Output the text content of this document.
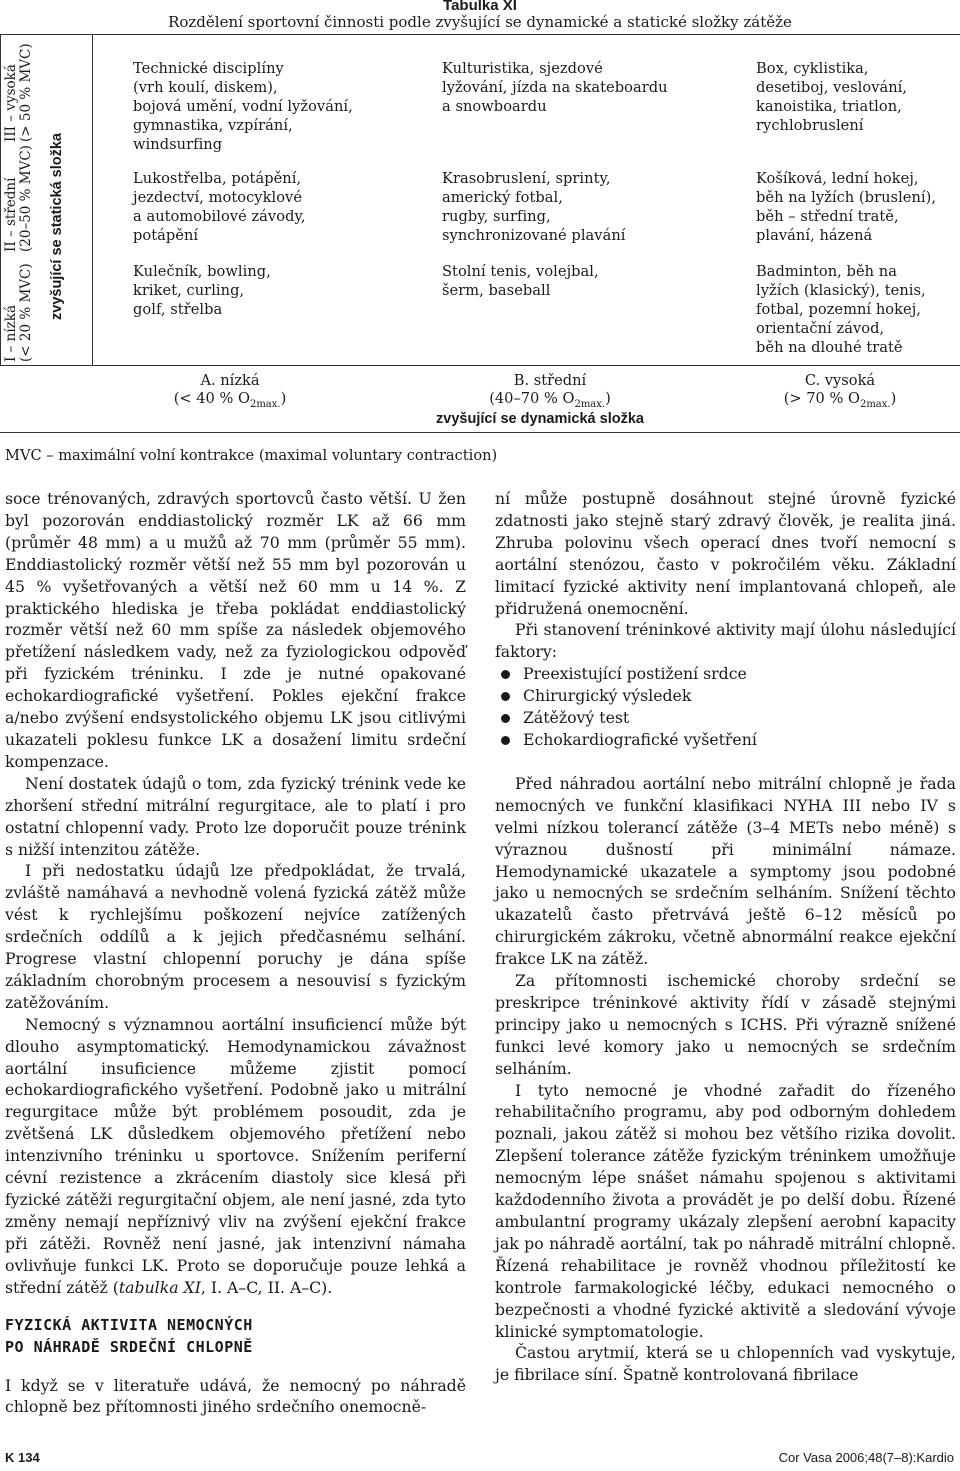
Tabulka XI
Rozdělení sportovní činnosti podle zvyšující se dynamické a statické složky zátěže
I – nízká (< 20 % MVC)
II – střední (20–50 % MVC)
III – vysoká (> 50 % MVC)
zvyšující se statická složka
Technické disciplíny
(vrh koulí, diskem),
bojová umění, vodní lyžování,
gymnastika, vzpírání,
windsurfing
Kulturistika, sjezdové
lyžování, jízda na skateboardu
a snowboardu
Box, cyklistika,
desetiboj, veslování,
kanoistika, triatlon,
rychlobruslení
Lukostřelba, potápění,
jezdectví, motocyklové
a automobilové závody,
potápění
Krasobruslení, sprinty,
americký fotbal,
rugby, surfing,
synchronizované plavání
Košíková, lední hokej,
běh na lyžích (bruslení),
běh – střední tratě,
plavání, házená
Kulečník, bowling,
kriket, curling,
golf, střelba
Stolní tenis, volejbal,
šerm, baseball
Badminton, běh na
lyžích (klasický), tenis,
fotbal, pozemní hokej,
orientační závod,
běh na dlouhé tratě
A. nízká
(< 40 % $O_{2max.}$)
B. střední
(40–70 % $O_{2max.}$)
C. vysoká
(> 70 % $O_{2max.}$)
zvyšující se dynamická složka
MVC – maximální volní kontrakce (maximal voluntary contraction)

soce trénovaných, zdravých sportovců často větší. U žen byl pozorován enddiastolický rozměr LK až 66 mm (průměr 48 mm) a u mužů až 70 mm (průměr 55 mm). Enddiastolický rozměr větší než 55 mm byl pozorován u 45 % vyšetřovaných a větší než 60 mm u 14 %. Z praktického hlediska je třeba pokládat enddiastolický rozměr větší než 60 mm spíše za následek objemového přetížení následkem vady, než za fyziologickou odpověď při fyzickém tréninku. I zde je nutné opakované echokardiografické vyšetření. Pokles ejekční frakce a/nebo zvýšení endsystolického objemu LK jsou citlivými ukazateli poklesu funkce LK a dosažení limitu srdeční kompenzace.

Není dostatek údajů o tom, zda fyzický trénink vede ke zhoršení střední mitrální regurgitace, ale to platí i pro ostatní chlopenní vady. Proto lze doporučit pouze trénink s nižší intenzitou zátěže.

I při nedostatku údajů lze předpokládat, že trvalá, zvláště namáhavá a nevhodně volená fyzická zátěž může vést k rychlejšímu poškození nejvíce zatížených srdečních oddílů a k jejich předčasnému selhání. Progrese vlastní chlopenní poruchy je dána spíše základním chorobným procesem a nesouvisí s fyzickým zatěžováním.

Nemocný s významnou aortální insuficiencí může být dlouho asymptomatický. Hemodynamickou závažnost aortální insuficience můžeme zjistit pomocí echokardiografického vyšetření. Podobně jako u mitrální regurgitace může být problémem posoudit, zda je zvětšená LK důsledkem objemového přetížení nebo intenzivního tréninku u sportovce. Snížením periferní cévní rezistence a zkrácením diastoly sice klesá při fyzické zátěži regurgitační objem, ale není jasné, zda tyto změny nemají nepříznivý vliv na zvýšení ejekční frakce při zátěži. Rovněž není jasné, jak intenzivní námaha ovlivňuje funkci LK. Proto se doporučuje pouze lehká a střední zátěž (tabulka XI, I. A–C, II. A–C).

FYZICKÁ AKTIVITA NEMOCNÝCH
PO NÁHRADĚ SRDEČNÍ CHLOPNĚ

I když se v literatuře udává, že nemocný po náhradě chlopně bez přítomnosti jiného srdečního onemocně-

ní může postupně dosáhnout stejné úrovně fyzické zdatnosti jako stejně starý zdravý člověk, je realita jiná. Zhruba polovinu všech operací dnes tvoří nemocní s aortální stenózou, často v pokročilém věku. Základní limitací fyzické aktivity není implantovaná chlopeň, ale přidružená onemocnění.

Při stanovení tréninkové aktivity mají úlohu následující faktory:

Preexistující postižení srdce
Chirurgický výsledek
Zátěžový test
Echokardiografické vyšetření

Před náhradou aortální nebo mitrální chlopně je řada nemocných ve funkční klasifikaci NYHA III nebo IV s velmi nízkou tolerancí zátěže (3–4 METs nebo méně) s výraznou dušností při minimální námaze. Hemodynamické ukazatele a symptomy jsou podobné jako u nemocných se srdečním selháním. Snížení těchto ukazatelů často přetrvává ještě 6–12 měsíců po chirurgickém zákroku, včetně abnormální reakce ejekční frakce LK na zátěž.

Za přítomnosti ischemické choroby srdeční se preskripce tréninkové aktivity řídí v zásadě stejnými principy jako u nemocných s ICHS. Při výrazně snížené funkci levé komory jako u nemocných se srdečním selháním.

I tyto nemocné je vhodné zařadit do řízeného rehabilitačního programu, aby pod odborným dohledem poznali, jakou zátěž si mohou bez většího rizika dovolit. Zlepšení tolerance zátěže fyzickým tréninkem umožňuje nemocným lépe snášet námahu spojenou s aktivitami každodenního života a provádět je po delší dobu. Řízené ambulantní programy ukázaly zlepšení aerobní kapacity jak po náhradě aortální, tak po náhradě mitrální chlopně. Řízená rehabilitace je rovněž vhodnou příležitostí ke kontrole farmakologické léčby, edukaci nemocného o bezpečnosti a vhodné fyzické aktivitě a sledování vývoje klinické symptomatologie.

Častou arytmií, která se u chlopenních vad vyskytuje, je fibrilace síní. Špatně kontrolovaná fibrilace

K 134	Cor Vasa 2006;48(7–8):Kardio
